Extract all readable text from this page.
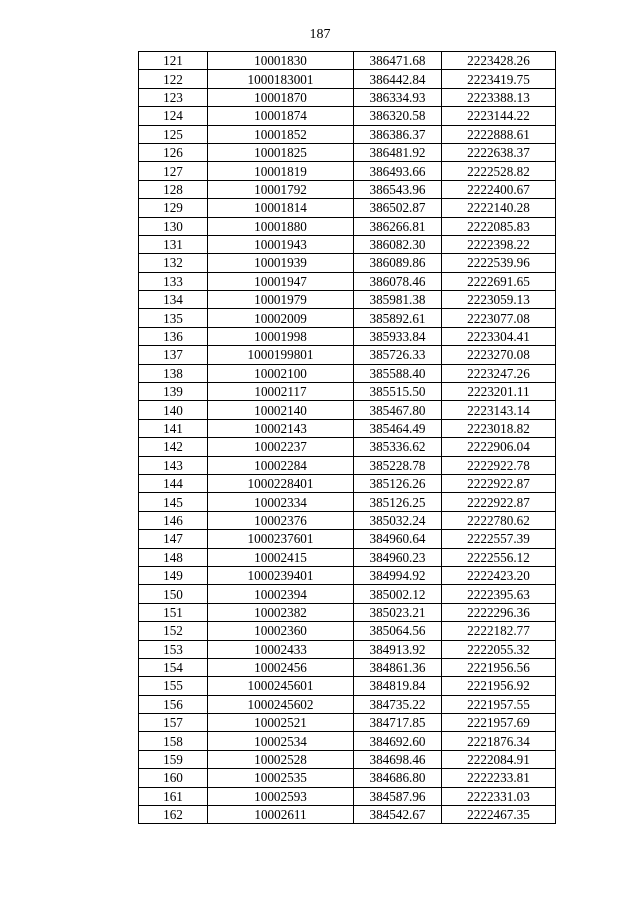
187
121	10001830	386471.68	2223428.26
122	1000183001	386442.84	2223419.75
123	10001870	386334.93	2223388.13
124	10001874	386320.58	2223144.22
125	10001852	386386.37	2222888.61
126	10001825	386481.92	2222638.37
127	10001819	386493.66	2222528.82
128	10001792	386543.96	2222400.67
129	10001814	386502.87	2222140.28
130	10001880	386266.81	2222085.83
131	10001943	386082.30	2222398.22
132	10001939	386089.86	2222539.96
133	10001947	386078.46	2222691.65
134	10001979	385981.38	2223059.13
135	10002009	385892.61	2223077.08
136	10001998	385933.84	2223304.41
137	1000199801	385726.33	2223270.08
138	10002100	385588.40	2223247.26
139	10002117	385515.50	2223201.11
140	10002140	385467.80	2223143.14
141	10002143	385464.49	2223018.82
142	10002237	385336.62	2222906.04
143	10002284	385228.78	2222922.78
144	1000228401	385126.26	2222922.87
145	10002334	385126.25	2222922.87
146	10002376	385032.24	2222780.62
147	1000237601	384960.64	2222557.39
148	10002415	384960.23	2222556.12
149	1000239401	384994.92	2222423.20
150	10002394	385002.12	2222395.63
151	10002382	385023.21	2222296.36
152	10002360	385064.56	2222182.77
153	10002433	384913.92	2222055.32
154	10002456	384861.36	2221956.56
155	1000245601	384819.84	2221956.92
156	1000245602	384735.22	2221957.55
157	10002521	384717.85	2221957.69
158	10002534	384692.60	2221876.34
159	10002528	384698.46	2222084.91
160	10002535	384686.80	2222233.81
161	10002593	384587.96	2222331.03
162	10002611	384542.67	2222467.35
